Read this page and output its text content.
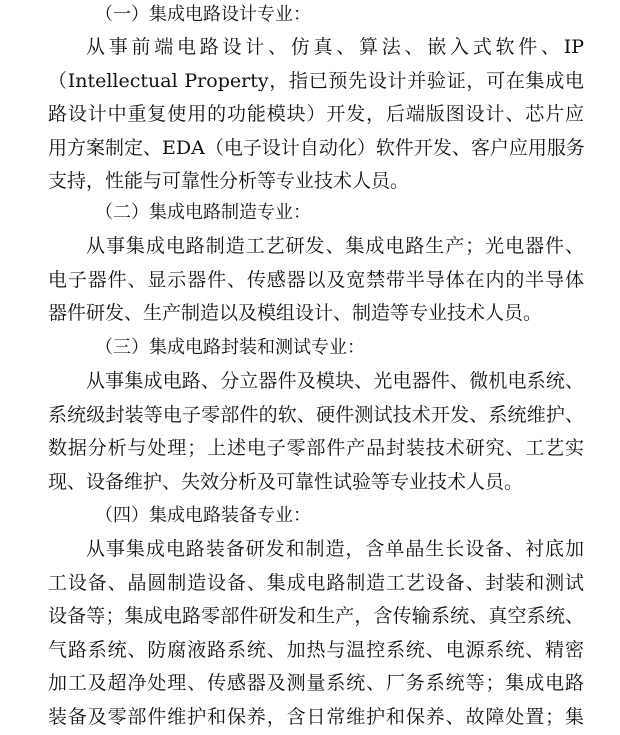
（一）集成电路设计专业：
从事前端电路设计、仿真、算法、嵌入式软件、IP
（Intellectual Property，指已预先设计并验证，可在集成电
路设计中重复使用的功能模块）开发，后端版图设计、芯片应
用方案制定、EDA（电子设计自动化）软件开发、客户应用服务
支持，性能与可靠性分析等专业技术人员。
（二）集成电路制造专业：
从事集成电路制造工艺研发、集成电路生产；光电器件、
电子器件、显示器件、传感器以及宽禁带半导体在内的半导体
器件研发、生产制造以及模组设计、制造等专业技术人员。
（三）集成电路封装和测试专业：
从事集成电路、分立器件及模块、光电器件、微机电系统、
系统级封装等电子零部件的软、硬件测试技术开发、系统维护、
数据分析与处理；上述电子零部件产品封装技术研究、工艺实
现、设备维护、失效分析及可靠性试验等专业技术人员。
（四）集成电路装备专业：
从事集成电路装备研发和制造，含单晶生长设备、衬底加
工设备、晶圆制造设备、集成电路制造工艺设备、封装和测试
设备等；集成电路零部件研发和生产，含传输系统、真空系统、
气路系统、防腐液路系统、加热与温控系统、电源系统、精密
加工及超净处理、传感器及测量系统、厂务系统等；集成电路
装备及零部件维护和保养，含日常维护和保养、故障处置；集
